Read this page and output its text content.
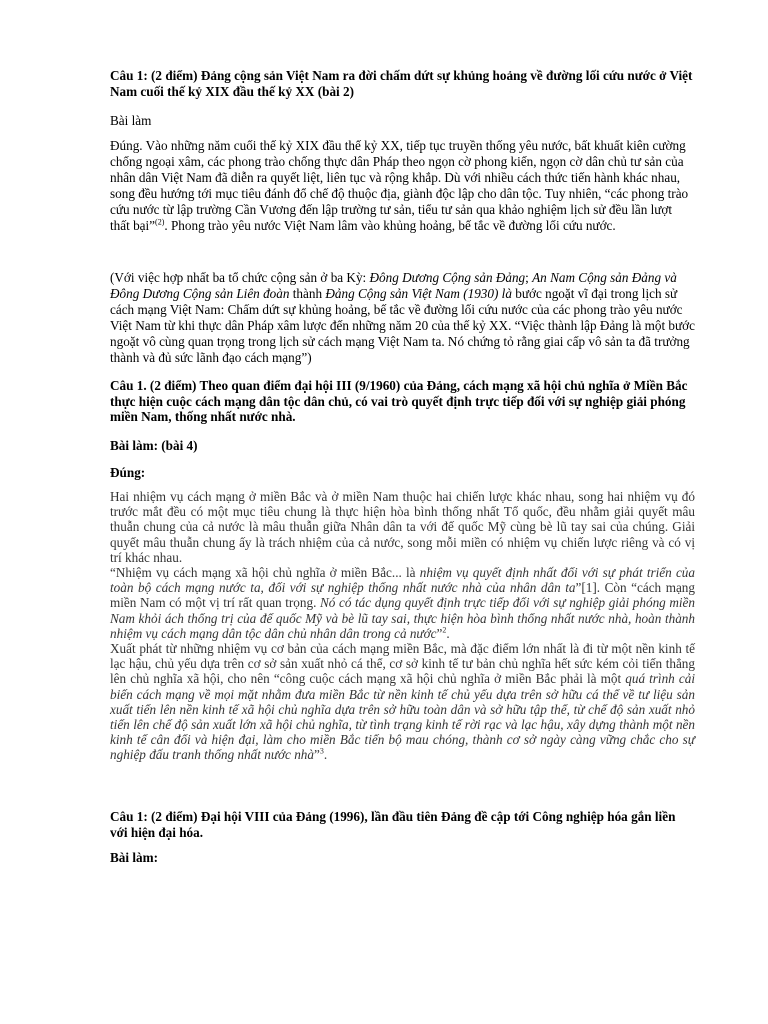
Câu 1: (2 điểm) Đảng cộng sản Việt Nam ra đời chấm dứt sự khủng hoảng về đường lối cứu nước ở Việt Nam cuối thế kỷ XIX đầu thế kỷ XX (bài 2)

Bài làm

Đúng. Vào những năm cuối thế kỷ XIX đầu thế kỷ XX, tiếp tục truyền thống yêu nước, bất khuất kiên cường chống ngoại xâm, các phong trào chống thực dân Pháp theo ngọn cờ phong kiến, ngọn cờ dân chủ tư sản của nhân dân Việt Nam đã diễn ra quyết liệt, liên tục và rộng khắp. Dù với nhiều cách thức tiến hành khác nhau, song đều hướng tới mục tiêu đánh đổ chế độ thuộc địa, giành độc lập cho dân tộc. Tuy nhiên, “các phong trào cứu nước từ lập trường Cần Vương đến lập trường tư sản, tiểu tư sản qua khảo nghiệm lịch sử đều lần lượt thất bại”$^{(2)}$. Phong trào yêu nước Việt Nam lâm vào khủng hoảng, bế tắc về đường lối cứu nước.

(Với việc hợp nhất ba tổ chức cộng sản ở ba Kỳ: Đông Dương Cộng sản Đảng; An Nam Cộng sản Đảng và Đông Dương Cộng sản Liên đoàn thành Đảng Cộng sản Việt Nam (1930) là bước ngoặt vĩ đại trong lịch sử cách mạng Việt Nam: Chấm dứt sự khủng hoảng, bế tắc về đường lối cứu nước của các phong trào yêu nước Việt Nam từ khi thực dân Pháp xâm lược đến những năm 20 của thế kỷ XX. “Việc thành lập Đảng là một bước ngoặt vô cùng quan trọng trong lịch sử cách mạng Việt Nam ta. Nó chứng tỏ rằng giai cấp vô sản ta đã trưởng thành và đủ sức lãnh đạo cách mạng”)

Câu 1. (2 điểm) Theo quan điểm đại hội III (9/1960) của Đảng, cách mạng xã hội chủ nghĩa ở Miền Bắc thực hiện cuộc cách mạng dân tộc dân chủ, có vai trò quyết định trực tiếp đối với sự nghiệp giải phóng miền Nam, thống nhất nước nhà.

Bài làm: (bài 4)

Đúng:

Hai nhiệm vụ cách mạng ở miền Bắc và ở miền Nam thuộc hai chiến lược khác nhau, song hai nhiệm vụ đó trước mắt đều có một mục tiêu chung là thực hiện hòa bình thống nhất Tổ quốc, đều nhằm giải quyết mâu thuẫn chung của cả nước là mâu thuẫn giữa Nhân dân ta với đế quốc Mỹ cùng bè lũ tay sai của chúng. Giải quyết mâu thuẫn chung ấy là trách nhiệm của cả nước, song mỗi miền có nhiệm vụ chiến lược riêng và có vị trí khác nhau.
“Nhiệm vụ cách mạng xã hội chủ nghĩa ở miền Bắc... là nhiệm vụ quyết định nhất đối với sự phát triển của toàn bộ cách mạng nước ta, đối với sự nghiệp thống nhất nước nhà của nhân dân ta”[1]. Còn “cách mạng miền Nam có một vị trí rất quan trọng. Nó có tác dụng quyết định trực tiếp đối với sự nghiệp giải phóng miền Nam khỏi ách thống trị của đế quốc Mỹ và bè lũ tay sai, thực hiện hòa bình thống nhất nước nhà, hoàn thành nhiệm vụ cách mạng dân tộc dân chủ nhân dân trong cả nước”$^2$.
Xuất phát từ những nhiệm vụ cơ bản của cách mạng miền Bắc, mà đặc điểm lớn nhất là đi từ một nền kinh tế lạc hậu, chủ yếu dựa trên cơ sở sản xuất nhỏ cá thể, cơ sở kinh tế tư bản chủ nghĩa hết sức kém cỏi tiến thẳng lên chủ nghĩa xã hội, cho nên “công cuộc cách mạng xã hội chủ nghĩa ở miền Bắc phải là một quá trình cải biến cách mạng về mọi mặt nhằm đưa miền Bắc từ nền kinh tế chủ yếu dựa trên sở hữu cá thể về tư liệu sản xuất tiến lên nền kinh tế xã hội chủ nghĩa dựa trên sở hữu toàn dân và sở hữu tập thể, từ chế độ sản xuất nhỏ tiến lên chế độ sản xuất lớn xã hội chủ nghĩa, từ tình trạng kinh tế rời rạc và lạc hậu, xây dựng thành một nền kinh tế cân đối và hiện đại, làm cho miền Bắc tiến bộ mau chóng, thành cơ sở ngày càng vững chắc cho sự nghiệp đấu tranh thống nhất nước nhà”$^3$.

Câu 1: (2 điểm) Đại hội VIII của Đảng (1996), lần đầu tiên Đảng đề cập tới Công nghiệp hóa gắn liền với hiện đại hóa.

Bài làm:
